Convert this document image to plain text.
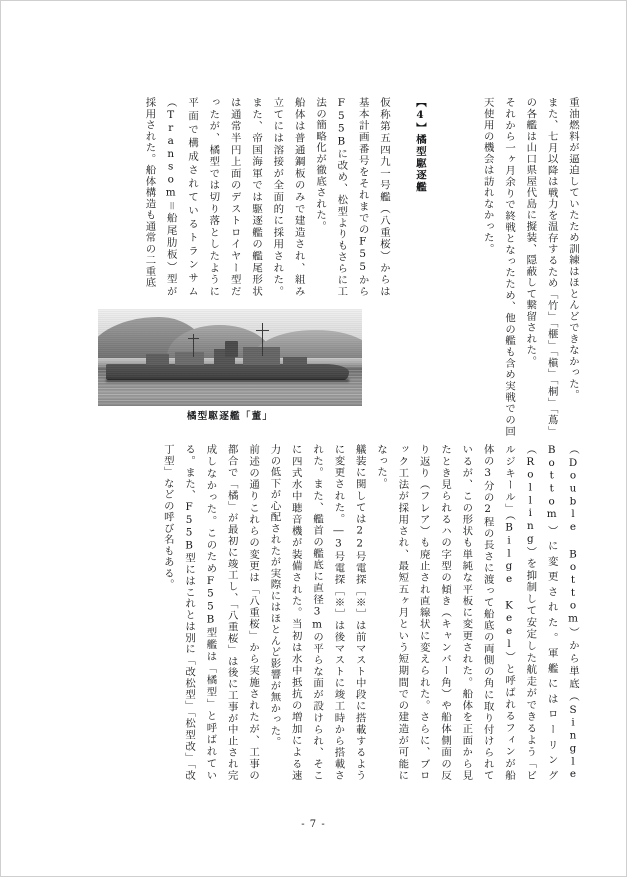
重油燃料が逼迫していたため訓練はほとんどできなかった。
また、七月以降は戦力を温存するため「竹」「榧」「槇」「桐」「蔦」の各艦は山口県屋代島に擬装、隠蔽して繋留された。
それから一ヶ月余りで終戦となったため、他の艦も含め実戦での回天使用の機会は訪れなかった。
【4】橘型駆逐艦
仮称第五四九一号艦（八重桜）からは基本計画番号をそれまでのF55からF55Bに改め、松型よりもさらに工法の簡略化が徹底された。
船体は普通鋼板のみで建造され、組み立てには溶接が全面的に採用された。また、帝国海軍では駆逐艦の艦尾形状は通常半円上面のデストロイヤー型だったが、橘型では切り落としたように平面で構成されているトランサム（Transom＝船尾肋板）型が採用された。船体構造も通常の二重底
橘型駆逐艦「董」
（Double Bottom）から単底（Single Bottom）に変更された。軍艦にはローリング（Rolling）を抑制して安定した航走ができるよう「ビルジキール」（Bilge Keel）と呼ばれるフィンが船体の3分の2程の長さに渡って船底の両側の角に取り付けられているが、この形状も単純な平板に変更された。船体を正面から見たとき見られるハの字型の傾き（キャンバー角）や船体側面の反り返り（フレア）も廃止され直線状に変えられた。さらに、ブロック工法が採用され、最短五ヶ月という短期間での建造が可能になった。
艤装に関しては22号電探［※］は前マスト中段に搭載するように変更された。―3号電探［※］は後マストに竣工時から搭載された。また、艦首の艦底に直径3mの平らな面が設けられ、そこに四式水中聴音機が装備された。当初は水中抵抗の増加による速力の低下が心配されたが実際にはほとんど影響が無かった。
前述の通りこれらの変更は「八重桜」から実施されたが、工事の都合で「橘」が最初に竣工し、「八重桜」は後に工事が中止され完成しなかった。このためF55B型艦は「橘型」と呼ばれている。また、F55B型にはこれとは別に「改松型」「松型改」「改丁型」などの呼び名もある。
- 7 -
